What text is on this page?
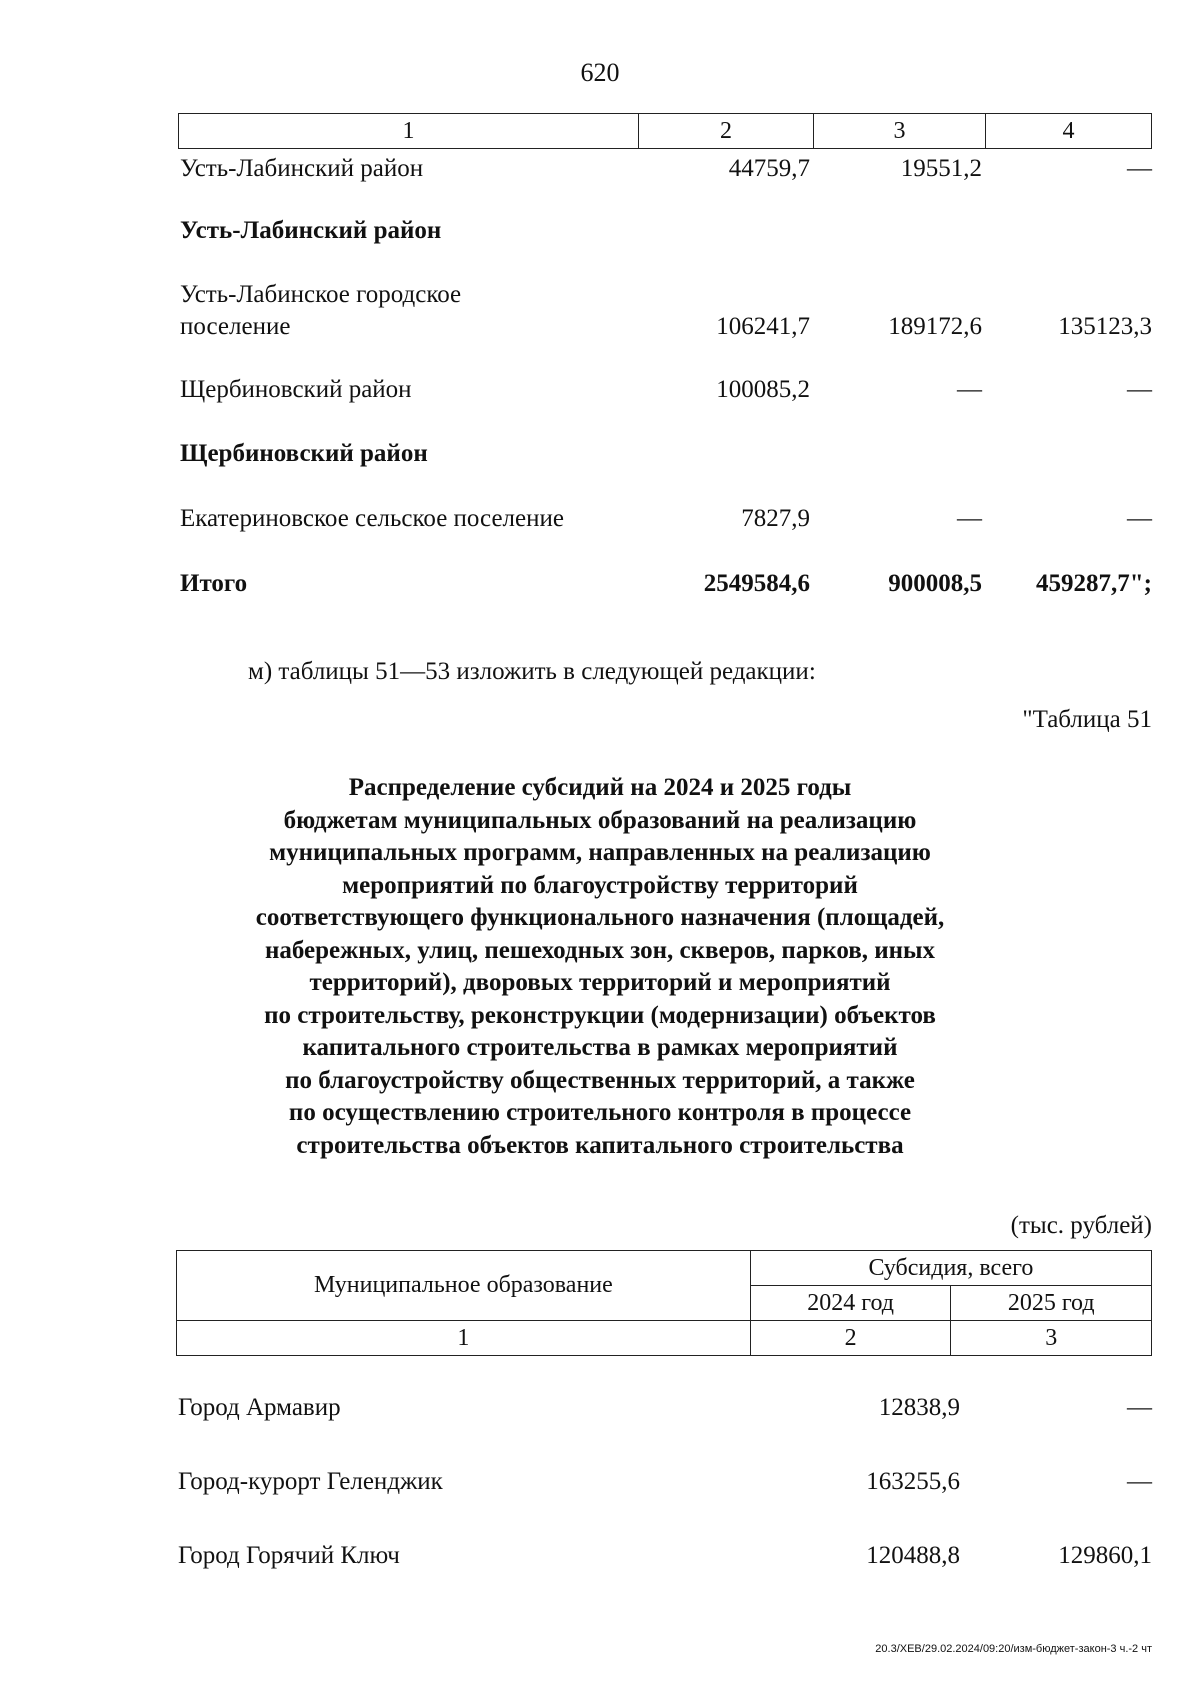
620
1	2	3	4
Усть-Лабинский район	44759,7	19551,2	—
Усть-Лабинский район
Усть-Лабинское городское
поселение	106241,7	189172,6	135123,3
Щербиновский район	100085,2	—	—
Щербиновский район
Екатериновское сельское поселение	7827,9	—	—
Итого	2549584,6	900008,5	459287,7";
м) таблицы 51—53 изложить в следующей редакции:
"Таблица 51
Распределение субсидий на 2024 и 2025 годы
бюджетам муниципальных образований на реализацию
муниципальных программ, направленных на реализацию
мероприятий по благоустройству территорий
соответствующего функционального назначения (площадей,
набережных, улиц, пешеходных зон, скверов, парков, иных
территорий), дворовых территорий и мероприятий
по строительству, реконструкции (модернизации) объектов
капитального строительства в рамках мероприятий
по благоустройству общественных территорий, а также
по осуществлению строительного контроля в процессе
строительства объектов капитального строительства
(тыс. рублей)
Муниципальное образование	Субсидия, всего	
	2024 год	2025 год
1	2	3
Город Армавир	12838,9	—
Город-курорт Геленджик	163255,6	—
Город Горячий Ключ	120488,8	129860,1
20.3/ХЕВ/29.02.2024/09:20/изм-бюджет-закон-3 ч.-2 чт
